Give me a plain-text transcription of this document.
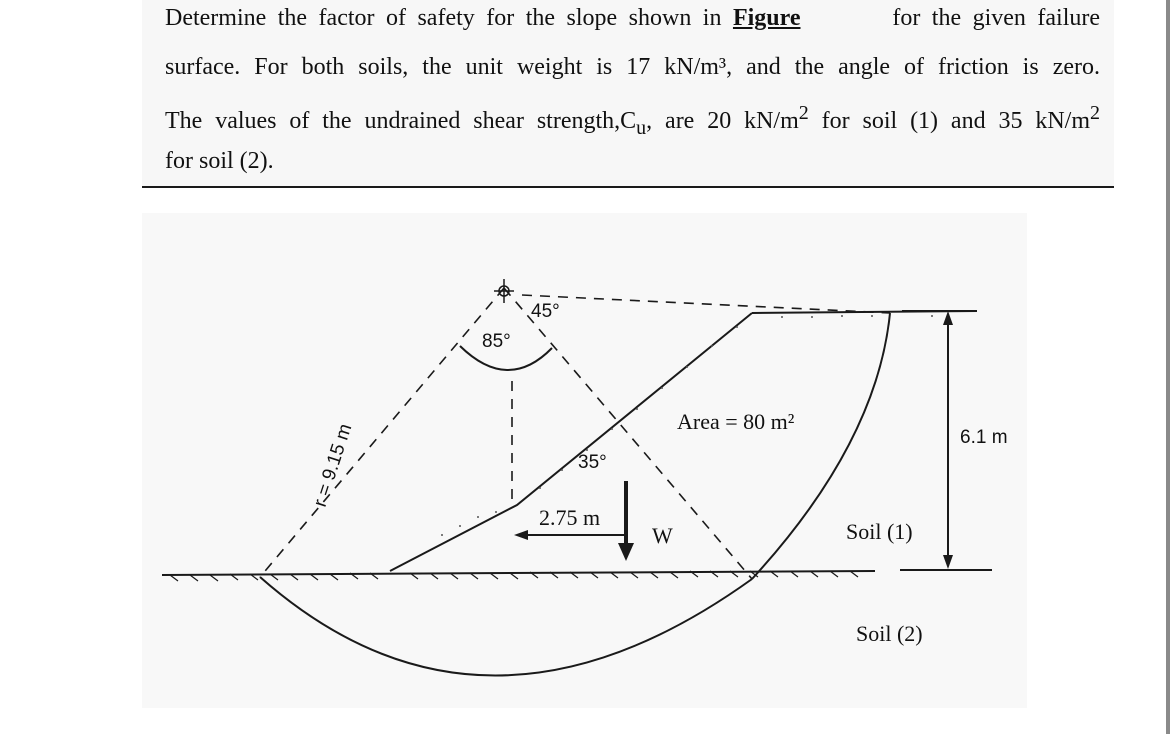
Determine the factor of safety for the slope shown in Figure	for the given failure
surface. For both soils, the unit weight is 17 kN/m³, and the angle of friction is zero.
The values of the undrained shear $strength,C_u$, are 20 $kN/m^2$ for soil (1) and 35 $kN/m^2$
for soil (2).
45°
85°
35°
6.1 m
r = 9.15 m	Area = 80 m²
2.75 m
W	Soil (1)
Soil (2)
